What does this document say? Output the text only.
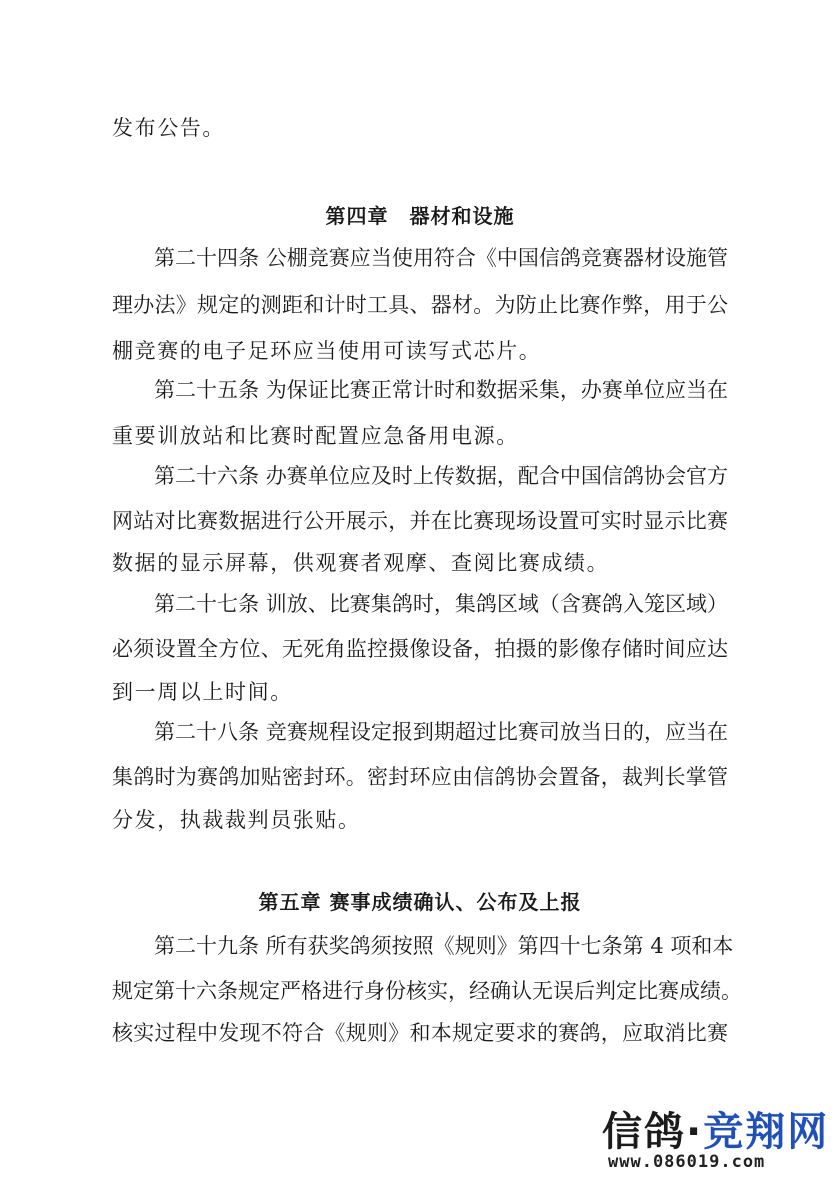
发布公告。
第四章　器材和设施
　　第二十四条 公棚竞赛应当使用符合《中国信鸽竞赛器材设施管
理办法》规定的测距和计时工具、器材。为防止比赛作弊，用于公
棚竞赛的电子足环应当使用可读写式芯片。
　　第二十五条 为保证比赛正常计时和数据采集，办赛单位应当在
重要训放站和比赛时配置应急备用电源。
　　第二十六条 办赛单位应及时上传数据，配合中国信鸽协会官方
网站对比赛数据进行公开展示，并在比赛现场设置可实时显示比赛
数据的显示屏幕，供观赛者观摩、查阅比赛成绩。
　　第二十七条 训放、比赛集鸽时，集鸽区域（含赛鸽入笼区域）
必须设置全方位、无死角监控摄像设备，拍摄的影像存储时间应达
到一周以上时间。
　　第二十八条 竞赛规程设定报到期超过比赛司放当日的，应当在
集鸽时为赛鸽加贴密封环。密封环应由信鸽协会置备，裁判长掌管
分发，执裁裁判员张贴。
第五章 赛事成绩确认、公布及上报
　　第二十九条 所有获奖鸽须按照《规则》第四十七条第 4 项和本
规定第十六条规定严格进行身份核实，经确认无误后判定比赛成绩。
核实过程中发现不符合《规则》和本规定要求的赛鸽，应取消比赛
信鸽·竞翔网
www.086019.com
